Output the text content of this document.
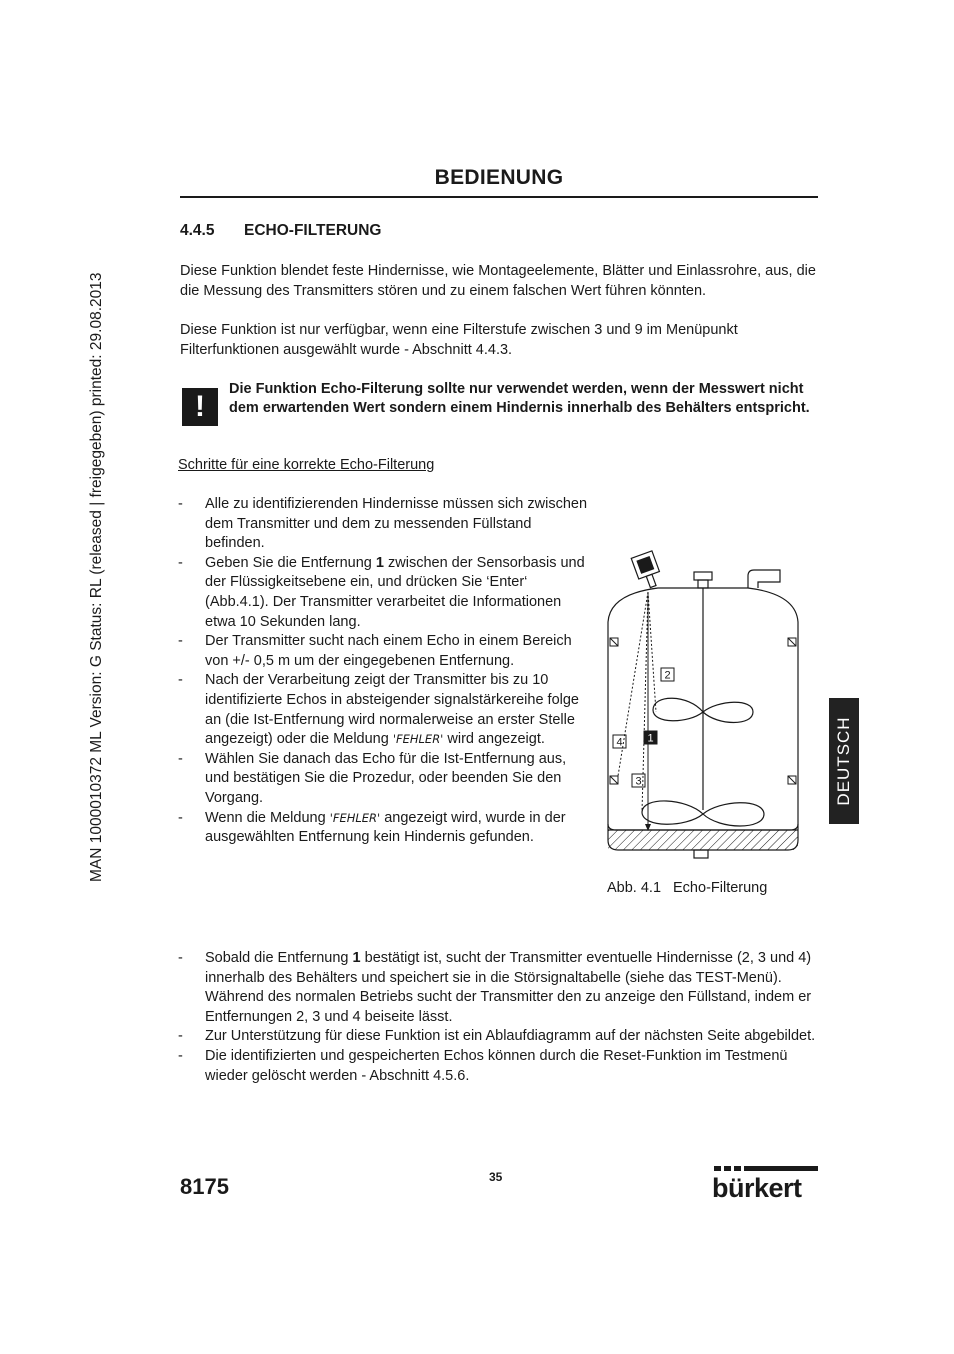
MAN 1000010372 ML Version: G Status: RL (released | freigegeben) printed: 29.08.2013
BEDIENUNG
4.4.5 ECHO-FILTERUNG
Diese Funktion blendet feste Hindernisse, wie Montageelemente, Blätter und Einlassrohre, aus, die die Messung des Transmitters stören und zu einem falschen Wert führen könnten.
Diese Funktion ist nur verfügbar, wenn eine Filterstufe zwischen 3 und 9 im Menüpunkt Filterfunktionen ausgewählt wurde - Abschnitt 4.4.3.
!
Die Funktion Echo-Filterung sollte nur verwendet werden, wenn der Messwert nicht dem erwartenden Wert sondern einem Hindernis innerhalb des Behälters entspricht.
Schritte für eine korrekte Echo-Filterung
- Alle zu identifizierenden Hindernisse müssen sich zwischen dem Transmitter und dem zu messenden Füllstand befinden.
- Geben Sie die Entfernung 1 zwischen der Sensorbasis und der Flüssigkeitsebene ein, und drücken Sie ‘Enter‘ (Abb.4.1). Der Transmitter verarbeitet die Informationen etwa 10 Sekunden lang.
- Der Transmitter sucht nach einem Echo in einem Bereich von +/- 0,5 m um der eingegebenen Entfernung.
- Nach der Verarbeitung zeigt der Transmitter bis zu 10 identifizierte Echos in absteigender signalstärkereihe folge an (die Ist-Entfernung wird normalerweise an erster Stelle angezeigt) oder die Meldung 'FEHLER' wird angezeigt.
- Wählen Sie danach das Echo für die Ist-Entfernung aus, und bestätigen Sie die Prozedur, oder beenden Sie den Vorgang.
- Wenn die Meldung 'FEHLER' angezeigt wird, wurde in der ausgewählten Entfernung kein Hindernis gefunden.
2
1
4
3
Abb. 4.1 Echo-Filterung
DEUTSCH
- Sobald die Entfernung 1 bestätigt ist, sucht der Transmitter eventuelle Hindernisse (2, 3 und 4) innerhalb des Behälters und speichert sie in die Störsignaltabelle (siehe das TEST-Menü). Während des normalen Betriebs sucht der Transmitter den zu anzeige den Füllstand, indem er Entfernungen 2, 3 und 4 beiseite lässt.
- Zur Unterstützung für diese Funktion ist ein Ablaufdiagramm auf der nächsten Seite abgebildet.
- Die identifizierten und gespeicherten Echos können durch die Reset-Funktion im Testmenü wieder gelöscht werden - Abschnitt 4.5.6.
8175	35	bürkert
